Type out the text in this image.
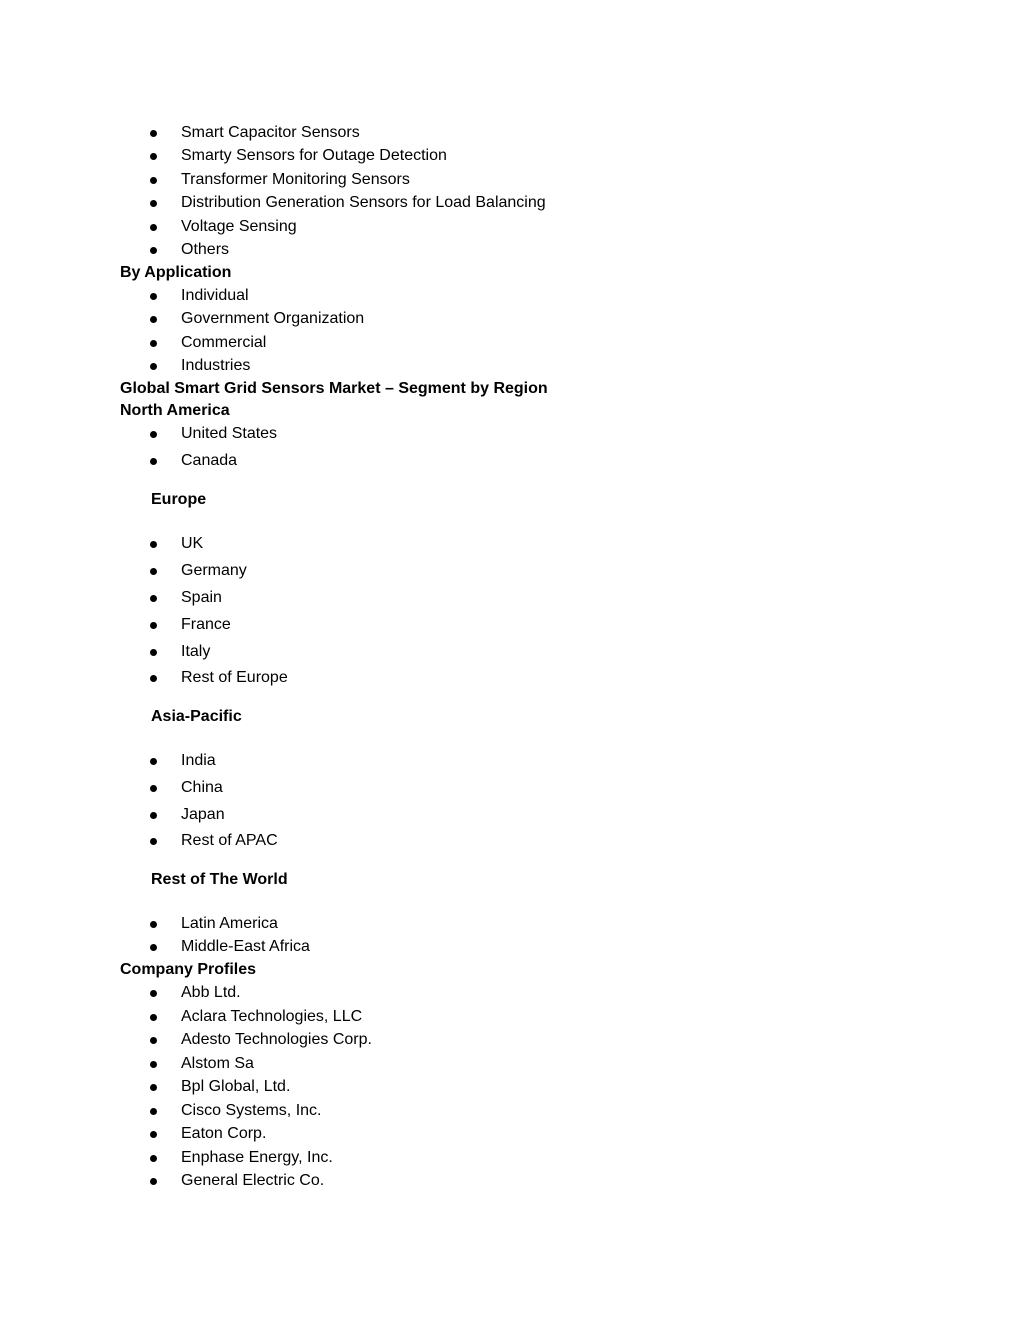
Smart Capacitor Sensors
Smarty Sensors for Outage Detection
Transformer Monitoring Sensors
Distribution Generation Sensors for Load Balancing
Voltage Sensing
Others
By Application
Individual
Government Organization
Commercial
Industries
Global Smart Grid Sensors Market – Segment by Region
North America
United States
Canada
Europe
UK
Germany
Spain
France
Italy
Rest of Europe
Asia-Pacific
India
China
Japan
Rest of APAC
Rest of The World
Latin America
Middle-East Africa
Company Profiles
Abb Ltd.
Aclara Technologies, LLC
Adesto Technologies Corp.
Alstom Sa
Bpl Global, Ltd.
Cisco Systems, Inc.
Eaton Corp.
Enphase Energy, Inc.
General Electric Co.
